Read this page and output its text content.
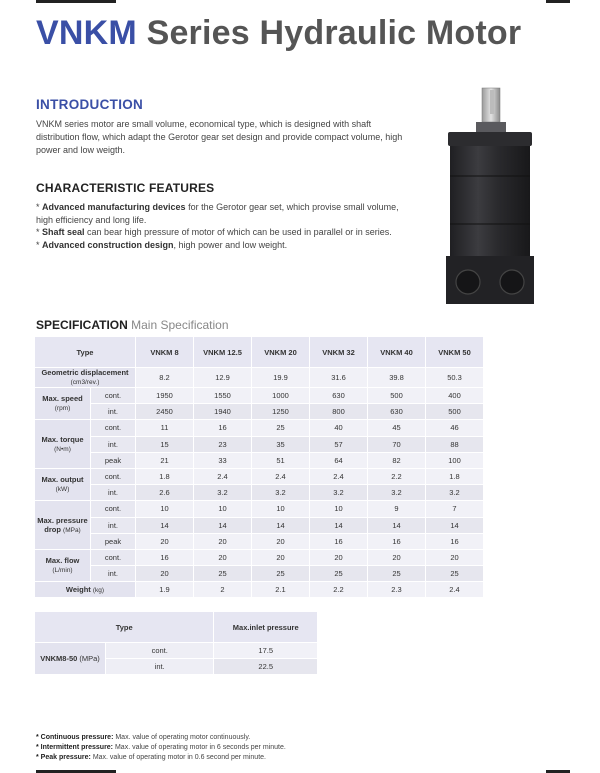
VNKM Series Hydraulic Motor
INTRODUCTION

VNKM series motor are small volume, economical type, which is designed with shaft distribution flow, which adapt the Gerotor gear set design and provide compact volume, high power and low weigth.

CHARACTERISTIC FEATURES

* Advanced manufacturing devices for the Gerotor gear set, which provise small volume, high efficiency and long life.

* Shaft seal can bear high pressure of motor of which can be used in parallel or in series.

* Advanced construction design, high power and low weight.

SPECIFICATION Main Specification
Type		VNKM 8	VNKM 12.5	VNKM 20	VNKM 32	VNKM 40	VNKM 50
Geometric displacement (cm3/rev.)		8.2	12.9	19.9	31.6	39.8	50.3
Max. speed (rpm)	cont.	1950	1550	1000	630	500	400
	int.	2450	1940	1250	800	630	500
Max. torque (N•m)	cont.	11	16	25	40	45	46
	int.	15	23	35	57	70	88
	peak	21	33	51	64	82	100
Max. output (kW)	cont.	1.8	2.4	2.4	2.4	2.2	1.8
	int.	2.6	3.2	3.2	3.2	3.2	3.2
Max. pressure drop (MPa)	cont.	10	10	10	10	9	7
	int.	14	14	14	14	14	14
	peak	20	20	20	16	16	16
Max. flow (L/min)	cont.	16	20	20	20	20	20
	int.	20	25	25	25	25	25
Weight (kg)		1.9	2	2.1	2.2	2.3	2.4
Type		Max.inlet pressure
VNKM8-50 (MPa)	cont.	17.5
	int.	22.5

* Continuous pressure: Max. value of operating motor continuously.

* Intermittent pressure: Max. value of operating motor in 6 seconds per minute.

* Peak pressure: Max. value of operating motor in 0.6 second per minute.
